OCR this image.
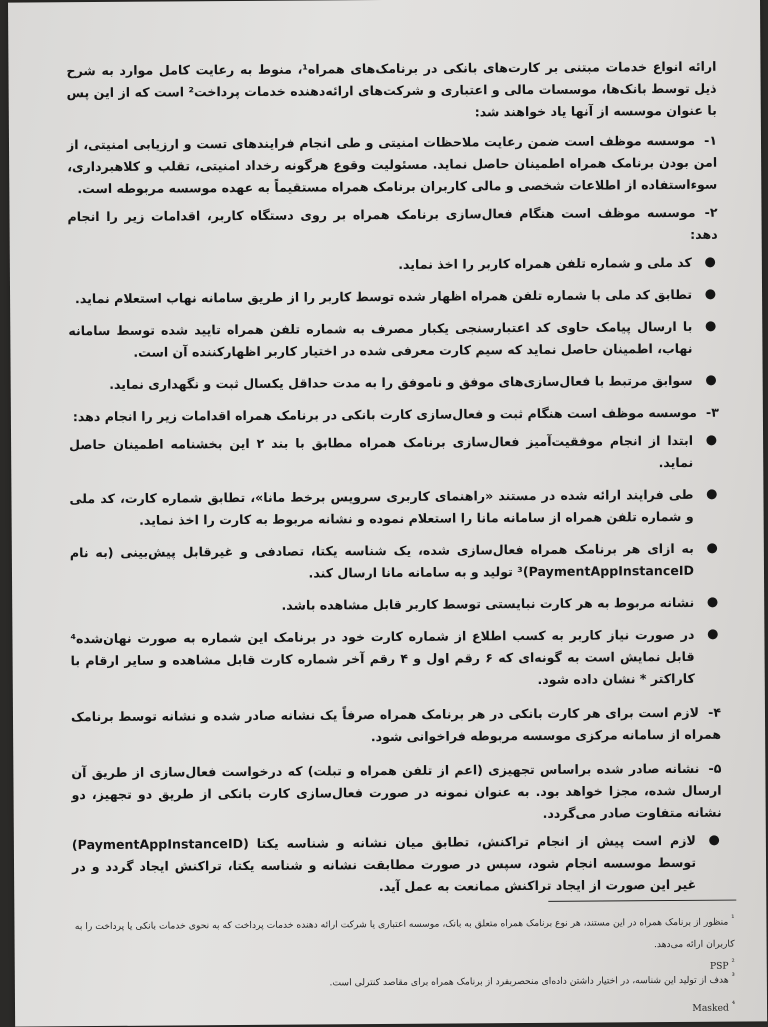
ارائه انواع خدمات مبتنی بر کارت‌های بانکی در برنامک‌های همراه¹، منوط به رعایت کامل موارد به شرح ذیل توسط بانک‌ها، موسسات مالی و اعتباری و شرکت‌های ارائه‌دهنده خدمات پرداخت² است که از این پس با عنوان موسسه از آنها یاد خواهند شد:

۱-موسسه موظف است ضمن رعایت ملاحظات امنیتی و طی انجام فرایندهای تست و ارزیابی امنیتی، از امن بودن برنامک همراه اطمینان حاصل نماید. مسئولیت وقوع هرگونه رخداد امنیتی، تقلب و کلاهبرداری، سوءاستفاده از اطلاعات شخصی و مالی کاربران برنامک همراه مستقیماً به عهده موسسه مربوطه است.

۲-موسسه موظف است هنگام فعال‌سازی برنامک همراه بر روی دستگاه کاربر، اقدامات زیر را انجام دهد:

●
کد ملی و شماره تلفن همراه کاربر را اخذ نماید.
●
تطابق کد ملی با شماره تلفن همراه اظهار شده توسط کاربر را از طریق سامانه نهاب استعلام نماید.
●
با ارسال پیامک حاوی کد اعتبارسنجی یکبار مصرف به شماره تلفن همراه تایید شده توسط سامانه نهاب، اطمینان حاصل نماید که سیم کارت معرفی شده در اختیار کاربر اظهارکننده آن است.
●
سوابق مرتبط با فعال‌سازی‌های موفق و ناموفق را به مدت حداقل یکسال ثبت و نگهداری نماید.

۳-موسسه موظف است هنگام ثبت و فعال‌سازی کارت بانکی در برنامک همراه اقدامات زیر را انجام دهد:

●
ابتدا از انجام موفقیت‌آمیز فعال‌سازی برنامک همراه مطابق با بند ۲ این بخشنامه اطمینان حاصل نماید.
●
طی فرایند ارائه شده در مستند «راهنمای کاربری سرویس برخط مانا»، تطابق شماره کارت، کد ملی و شماره تلفن همراه از سامانه مانا را استعلام نموده و نشانه مربوط به کارت را اخذ نماید.
●
به ازای هر برنامک همراه فعال‌سازی شده، یک شناسه یکتا، تصادفی و غیرقابل پیش‌بینی (به نام PaymentAppInstanceID)³ تولید و به سامانه مانا ارسال کند.
●
نشانه مربوط به هر کارت نبایستی توسط کاربر قابل مشاهده باشد.
●
در صورت نیاز کاربر به کسب اطلاع از شماره کارت خود در برنامک این شماره به صورت نهان‌شده⁴ قابل نمایش است به گونه‌ای که ۶ رقم اول و ۴ رقم آخر شماره کارت قابل مشاهده و سایر ارقام با کاراکتر * نشان داده شود.

۴-لازم است برای هر کارت بانکی در هر برنامک همراه صرفاً یک نشانه صادر شده و نشانه توسط برنامک همراه از سامانه مرکزی موسسه مربوطه فراخوانی شود.

۵-نشانه صادر شده براساس تجهیزی (اعم از تلفن همراه و تبلت) که درخواست فعال‌سازی از طریق آن ارسال شده، مجزا خواهد بود. به عنوان نمونه در صورت فعال‌سازی کارت بانکی از طریق دو تجهیز، دو نشانه متفاوت صادر می‌گردد.

●
لازم است پیش از انجام تراکنش، تطابق میان نشانه و شناسه یکتا (PaymentAppInstanceID) توسط موسسه انجام شود، سپس در صورت مطابقت نشانه و شناسه یکتا، تراکنش ایجاد گردد و در غیر این صورت از ایجاد تراکنش ممانعت به عمل آید.
$^{^1}$ منظور از برنامک همراه در این مستند، هر نوع برنامک همراه متعلق به بانک، موسسه اعتباری یا شرکت ارائه دهنده خدمات پرداخت که به نحوی خدمات بانکی یا پرداخت را به کاربران ارائه می‌دهد.
$^{^2}$ PSP
$^{^3}$ هدف از تولید این شناسه، در اختیار داشتن داده‌ای منحصربفرد از برنامک همراه برای مقاصد کنترلی است.
$^{^4}$ Masked
